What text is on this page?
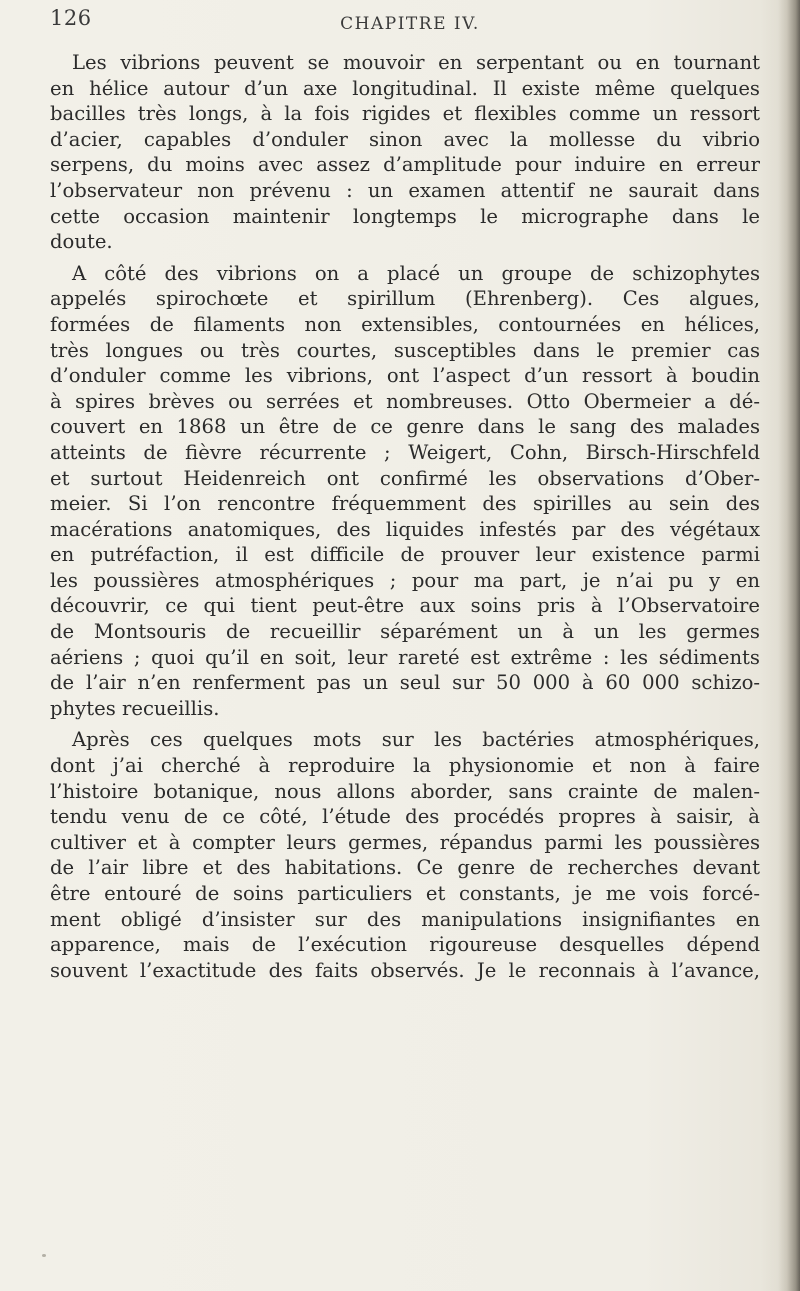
126	CHAPITRE IV.
Les vibrions peuvent se mouvoir en serpentant ou en tournant
en hélice autour d’un axe longitudinal. Il existe même quelques
bacilles très longs, à la fois rigides et flexibles comme un ressort
d’acier, capables d’onduler sinon avec la mollesse du vibrio
serpens, du moins avec assez d’amplitude pour induire en erreur
l’observateur non prévenu : un examen attentif ne saurait dans
cette occasion maintenir longtemps le micrographe dans le
doute.
A côté des vibrions on a placé un groupe de schizophytes
appelés spirochœte et spirillum (Ehrenberg). Ces algues,
formées de filaments non extensibles, contournées en hélices,
très longues ou très courtes, susceptibles dans le premier cas
d’onduler comme les vibrions, ont l’aspect d’un ressort à boudin
à spires brèves ou serrées et nombreuses. Otto Obermeier a dé-
couvert en 1868 un être de ce genre dans le sang des malades
atteints de fièvre récurrente ; Weigert, Cohn, Birsch-Hirschfeld
et surtout Heidenreich ont confirmé les observations d’Ober-
meier. Si l’on rencontre fréquemment des spirilles au sein des
macérations anatomiques, des liquides infestés par des végétaux
en putréfaction, il est difficile de prouver leur existence parmi
les poussières atmosphériques ; pour ma part, je n’ai pu y en
découvrir, ce qui tient peut-être aux soins pris à l’Observatoire
de Montsouris de recueillir séparément un à un les germes
aériens ; quoi qu’il en soit, leur rareté est extrême : les sédiments
de l’air n’en renferment pas un seul sur 50 000 à 60 000 schizo-
phytes recueillis.
Après ces quelques mots sur les bactéries atmosphériques,
dont j’ai cherché à reproduire la physionomie et non à faire
l’histoire botanique, nous allons aborder, sans crainte de malen-
tendu venu de ce côté, l’étude des procédés propres à saisir, à
cultiver et à compter leurs germes, répandus parmi les poussières
de l’air libre et des habitations. Ce genre de recherches devant
être entouré de soins particuliers et constants, je me vois forcé-
ment obligé d’insister sur des manipulations insignifiantes en
apparence, mais de l’exécution rigoureuse desquelles dépend
souvent l’exactitude des faits observés. Je le reconnais à l’avance,
